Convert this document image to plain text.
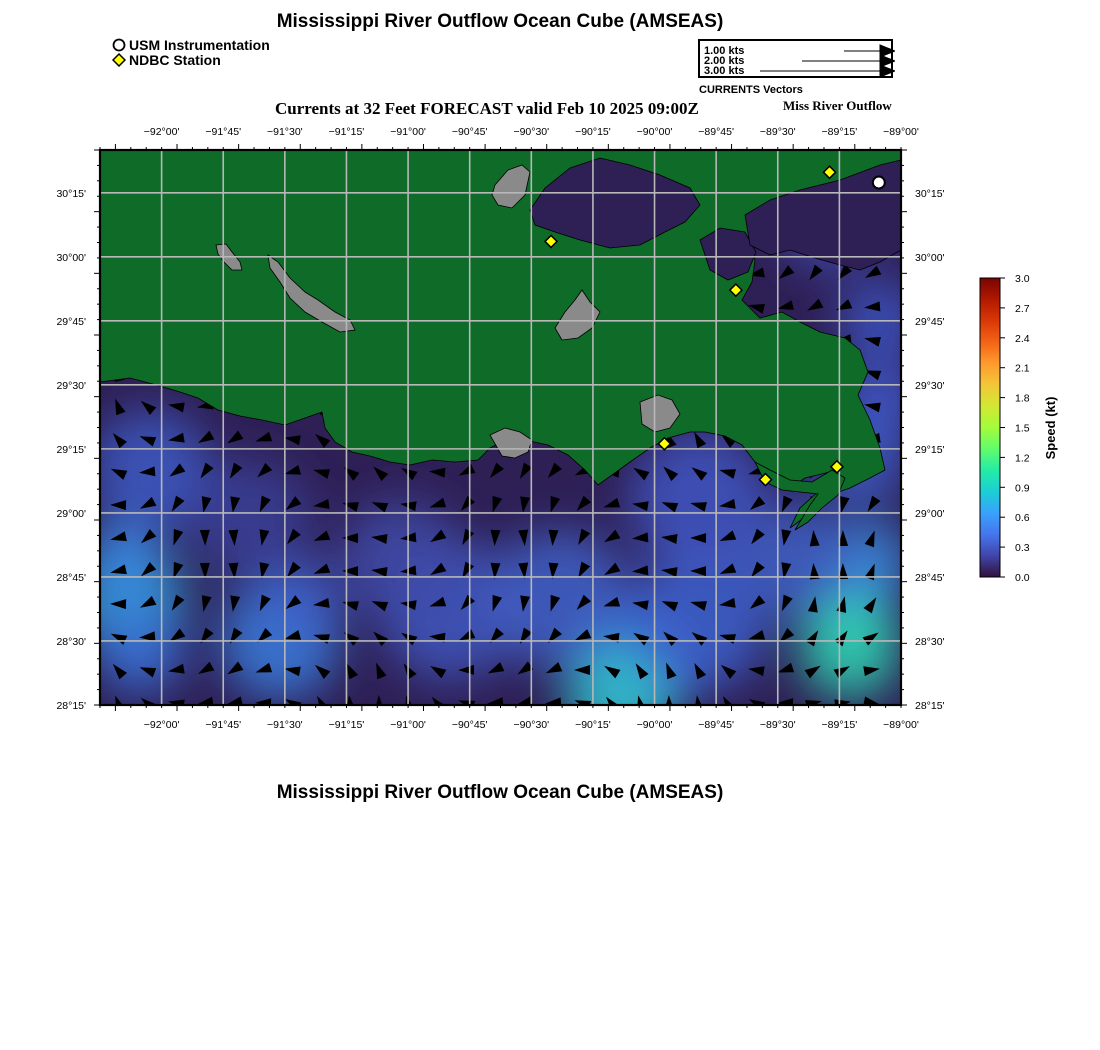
Mississippi River Outflow Ocean Cube (AMSEAS)
USM Instrumentation
NDBC Station
1.00 kts
2.00 kts
3.00 kts
CURRENTS Vectors
Currents at 32 Feet FORECAST valid Feb 10 2025 09:00Z	Miss River Outflow
−92°00' −91°45' −91°30' −91°15' −91°00' −90°45' −90°30' −90°15' −90°00' −89°45' −89°30' −89°15' −89°00'
−92°00' −91°45' −91°30' −91°15' −91°00' −90°45' −90°30' −90°15' −90°00' −89°45' −89°30' −89°15' −89°00'
30°15'
30°00'
29°45'
29°30'
29°15'
29°00'
28°45'
28°30'
28°15'
30°15'
30°00'
29°45'
29°30'
29°15'
29°00'
28°45'
28°30'
28°15'
0.0
0.3
0.6
0.9
1.2
1.5
1.8
2.1
2.4
2.7
3.0
Speed (kt)
Mississippi River Outflow Ocean Cube (AMSEAS)
